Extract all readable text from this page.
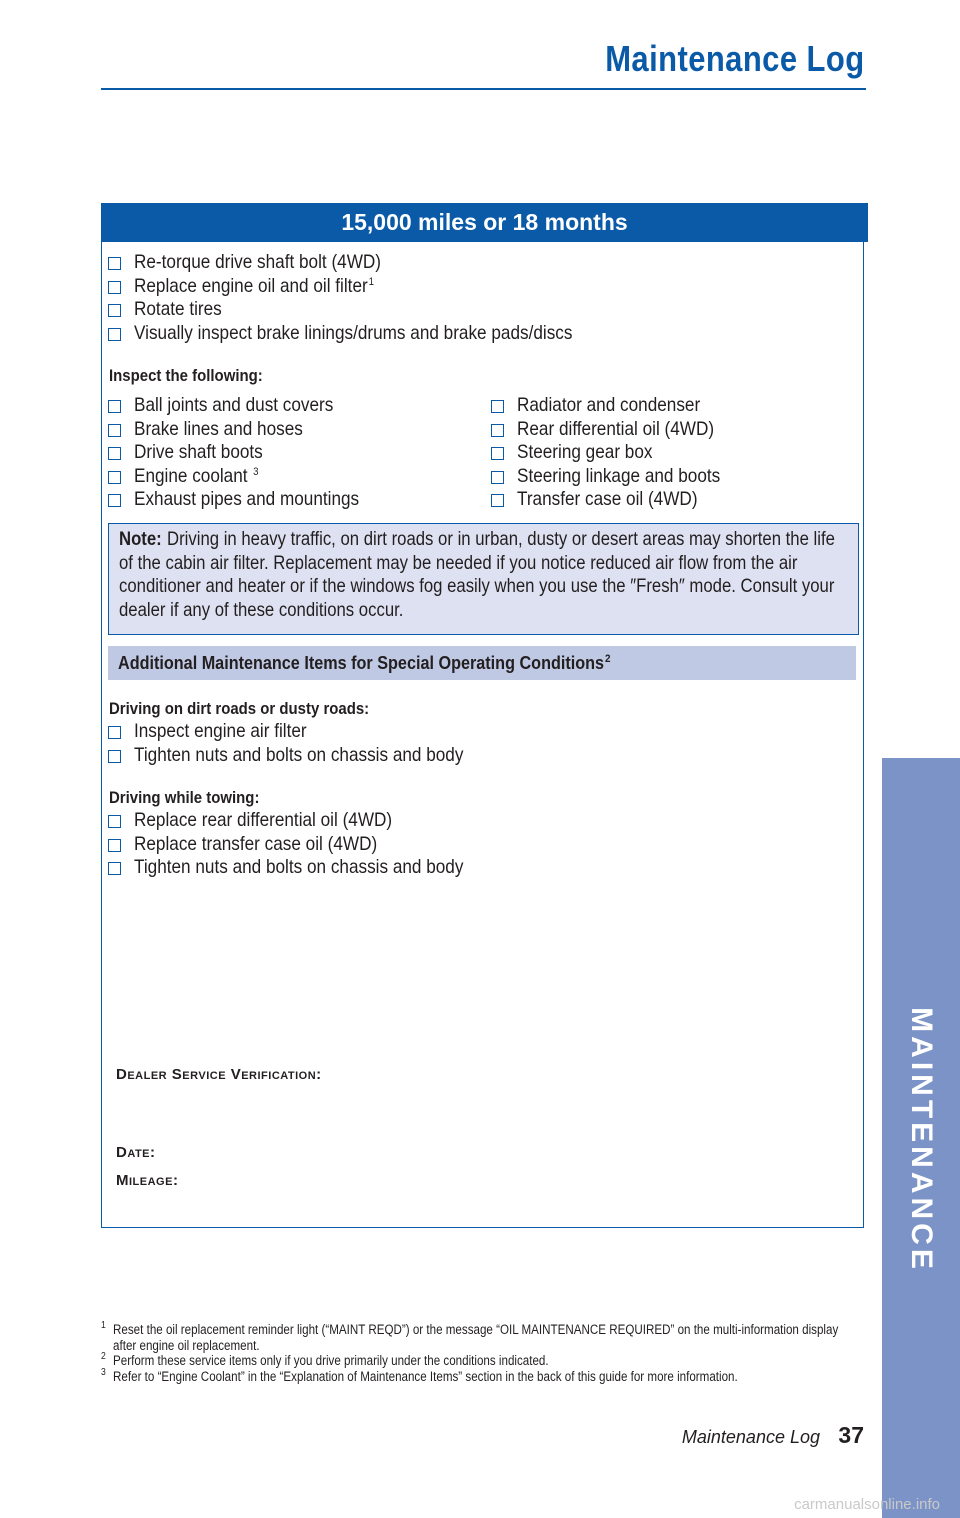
Maintenance Log
MAINTENANCE
15,000 miles or 18 months
Re-torque drive shaft bolt (4WD)
Replace engine oil and oil filter$^1$
Rotate tires
Visually inspect brake linings/drums and brake pads/discs
Inspect the following:
Ball joints and dust covers
Brake lines and hoses
Drive shaft boots
Engine coolant $^3$
Exhaust pipes and mountings
Radiator and condenser
Rear differential oil (4WD)
Steering gear box
Steering linkage and boots
Transfer case oil (4WD)
Note: Driving in heavy traffic, on dirt roads or in urban, dusty or desert areas may shorten the life of the cabin air filter. Replacement may be needed if you notice reduced air flow from the air conditioner and heater or if the windows fog easily when you use the ″Fresh″ mode. Consult your dealer if any of these conditions occur.
Additional Maintenance Items for Special Operating Conditions$^2$
Driving on dirt roads or dusty roads:
Inspect engine air filter
Tighten nuts and bolts on chassis and body
Driving while towing:
Replace rear differential oil (4WD)
Replace transfer case oil (4WD)
Tighten nuts and bolts on chassis and body
Dealer Service Verification:
Date:
Mileage:
1 Reset the oil replacement reminder light (“MAINT REQD”) or the message “OIL MAINTENANCE REQUIRED” on the multi-information display after engine oil replacement.
2 Perform these service items only if you drive primarily under the conditions indicated.
3 Refer to “Engine Coolant” in the “Explanation of Maintenance Items” section in the back of this guide for more information.
Maintenance Log 37
carmanualsonline.info
